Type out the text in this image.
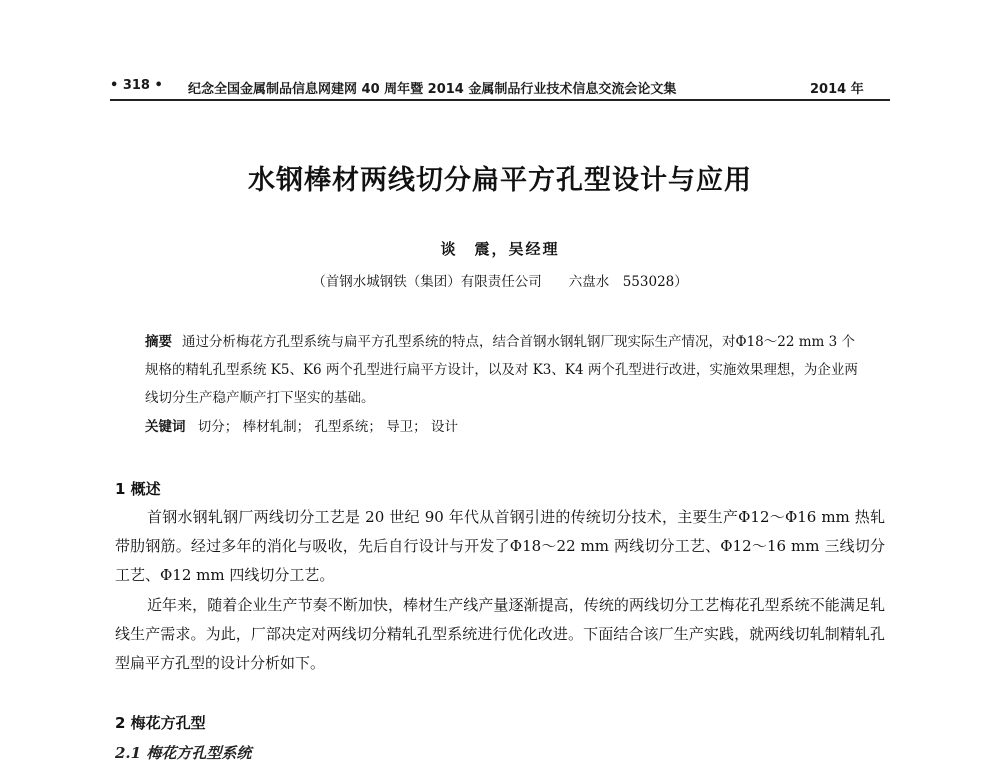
• 318 • 纪念全国金属制品信息网建网 40 周年暨 2014 金属制品行业技术信息交流会论文集	2014 年
水钢棒材两线切分扁平方孔型设计与应用
谈　震，吴经理
（首钢水城钢铁（集团）有限责任公司　　六盘水　553028）
摘要 通过分析梅花方孔型系统与扁平方孔型系统的特点，结合首钢水钢轧钢厂现实际生产情况，对Φ18～22 mm 3 个规格的精轧孔型系统 K5、K6 两个孔型进行扁平方设计，以及对 K3、K4 两个孔型进行改进，实施效果理想，为企业两线切分生产稳产顺产打下坚实的基础。
关键词 切分； 棒材轧制； 孔型系统； 导卫； 设计
1 概述
首钢水钢轧钢厂两线切分工艺是 20 世纪 90 年代从首钢引进的传统切分技术，主要生产Φ12～Φ16 mm 热轧带肋钢筋。经过多年的消化与吸收，先后自行设计与开发了Φ18～22 mm 两线切分工艺、Φ12～16 mm 三线切分工艺、Φ12 mm 四线切分工艺。
近年来，随着企业生产节奏不断加快，棒材生产线产量逐渐提高，传统的两线切分工艺梅花孔型系统不能满足轧线生产需求。为此，厂部决定对两线切分精轧孔型系统进行优化改进。下面结合该厂生产实践，就两线切轧制精轧孔型扁平方孔型的设计分析如下。
2 梅花方孔型
2.1 梅花方孔型系统
